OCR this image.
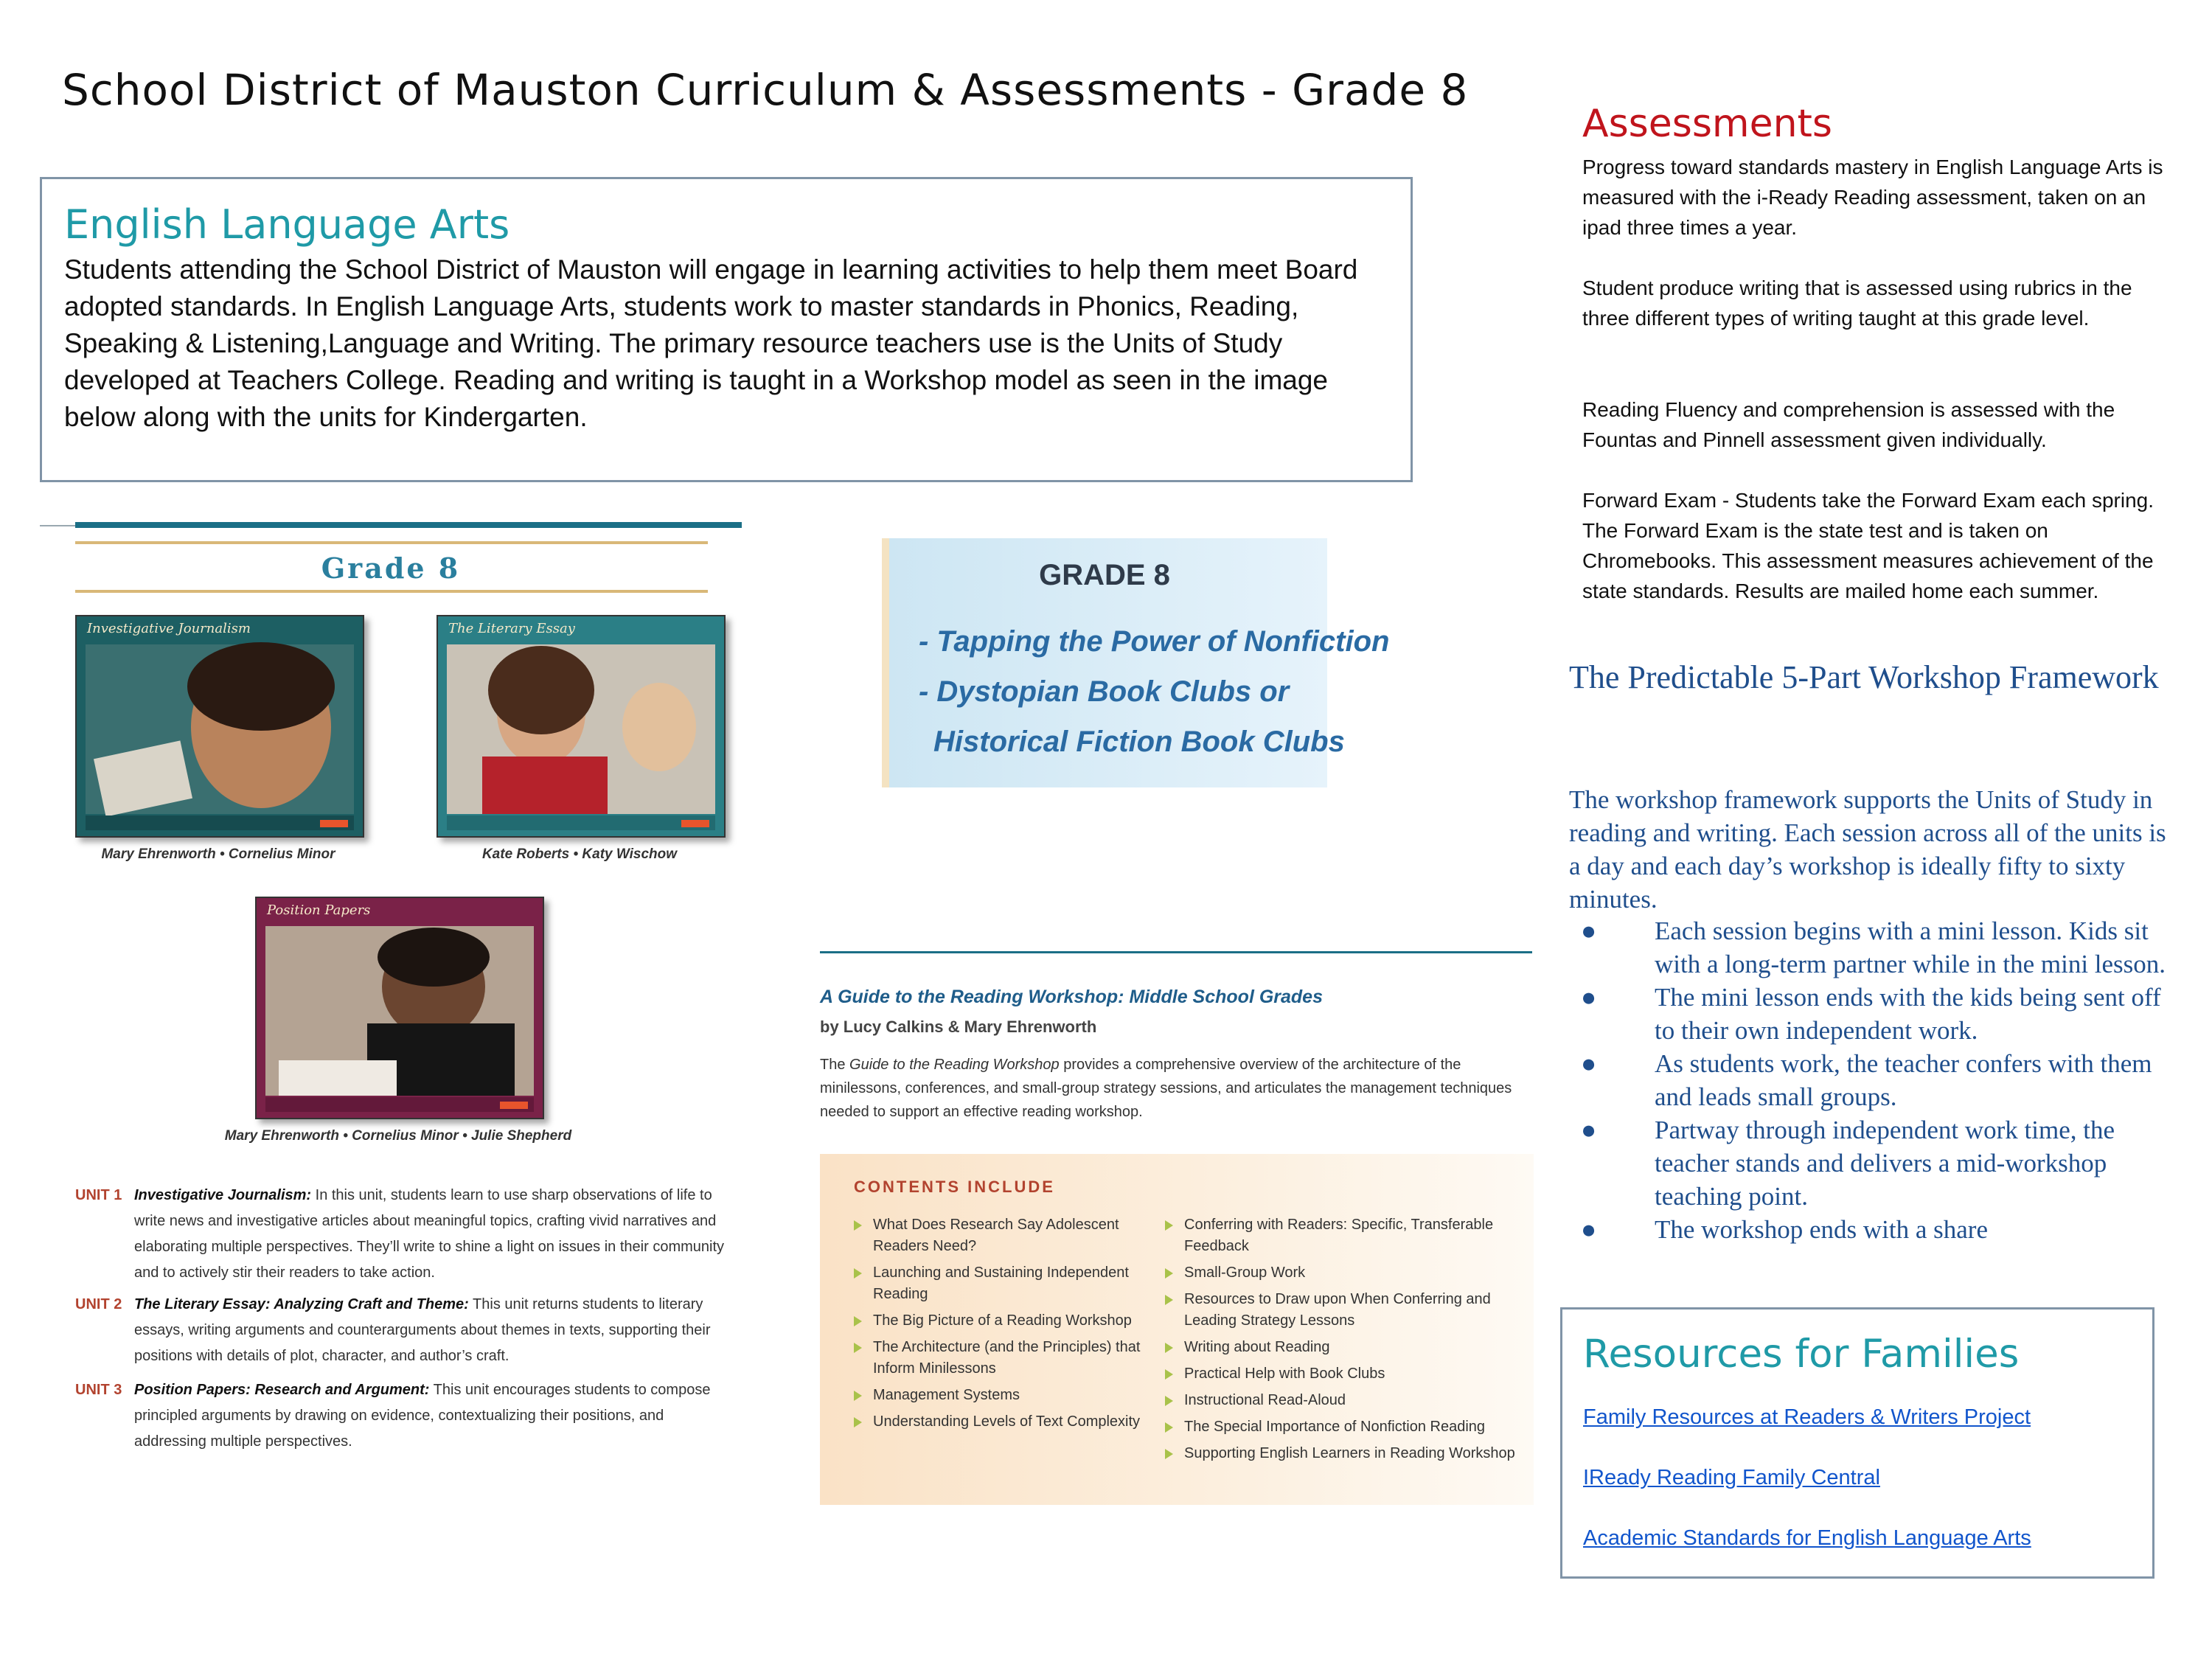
School District of Mauston Curriculum & Assessments - Grade 8
English Language Arts
Students attending the School District of Mauston will engage in learning activities to help them meet Board adopted standards. In English Language Arts, students work to master standards in Phonics, Reading, Speaking & Listening,Language and Writing. The primary resource teachers use is the Units of Study developed at Teachers College. Reading and writing is taught in a Workshop model as seen in the image below along with the units for Kindergarten.
Assessments
Progress toward standards mastery in English Language Arts is measured with the i-Ready Reading assessment, taken on an ipad three times a year.
Student produce writing that is assessed using rubrics in the three different types of writing taught at this grade level.
Reading Fluency and comprehension is assessed with the Fountas and Pinnell assessment given individually.
Forward Exam - Students take the Forward Exam each spring. The Forward Exam is the state test and is taken on Chromebooks. This assessment measures achievement of the state standards. Results are mailed home each summer.
The Predictable 5-Part Workshop Framework
The workshop framework supports the Units of Study in reading and writing. Each session across all of the units is a day and each day’s workshop is ideally fifty to sixty minutes.
● Each session begins with a mini lesson. Kids sit with a long-term partner while in the mini lesson.
● The mini lesson ends with the kids being sent off to their own independent work.
● As students work, the teacher confers with them and leads small groups.
● Partway through independent work time, the teacher stands and delivers a mid-workshop teaching point.
● The workshop ends with a share
Resources for Families
Family Resources at Readers & Writers Project
IReady Reading Family Central
Academic Standards for English Language Arts
Grade 8
Investigative Journalism
Mary Ehrenworth • Cornelius Minor
The Literary Essay
Kate Roberts • Katy Wischow
Position Papers
Mary Ehrenworth • Cornelius Minor • Julie Shepherd
UNIT 1 Investigative Journalism: In this unit, students learn to use sharp observations of life to write news and investigative articles about meaningful topics, crafting vivid narratives and elaborating multiple perspectives. They’ll write to shine a light on issues in their community and to actively stir their readers to take action.
UNIT 2 The Literary Essay: Analyzing Craft and Theme: This unit returns students to literary essays, writing arguments and counterarguments about themes in texts, supporting their positions with details of plot, character, and author’s craft.
UNIT 3 Position Papers: Research and Argument: This unit encourages students to compose principled arguments by drawing on evidence, contextualizing their positions, and addressing multiple perspectives.
GRADE 8
- Tapping the Power of Nonfiction
- Dystopian Book Clubs or
Historical Fiction Book Clubs
A Guide to the Reading Workshop: Middle School Grades
by Lucy Calkins & Mary Ehrenworth
The Guide to the Reading Workshop provides a comprehensive overview of the architecture of the minilessons, conferences, and small-group strategy sessions, and articulates the management techniques needed to support an effective reading workshop.
CONTENTS INCLUDE
What Does Research Say Adolescent Readers Need?
Launching and Sustaining Independent Reading
The Big Picture of a Reading Workshop
The Architecture (and the Principles) that Inform Minilessons
Management Systems
Understanding Levels of Text Complexity
Conferring with Readers: Specific, Transferable Feedback
Small-Group Work
Resources to Draw upon When Conferring and Leading Strategy Lessons
Writing about Reading
Practical Help with Book Clubs
Instructional Read-Aloud
The Special Importance of Nonfiction Reading
Supporting English Learners in Reading Workshop
